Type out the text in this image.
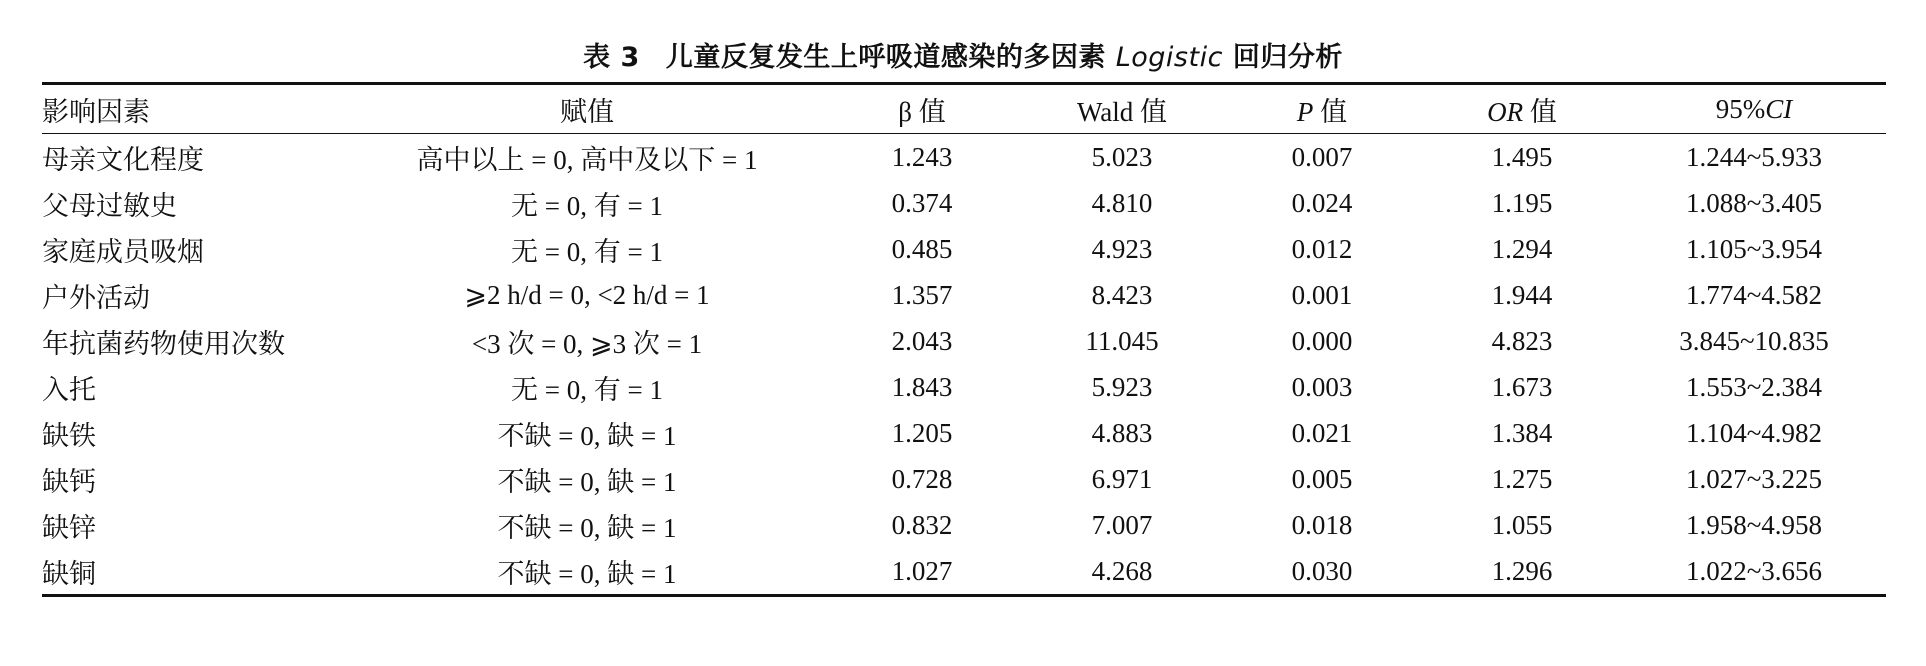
表 3 儿童反复发生上呼吸道感染的多因素 Logistic 回归分析
影响因素	赋值	β 值	Wald 值	P 值	OR 值	95%CI
母亲文化程度	高中以上 = 0, 高中及以下 = 1	1.243	5.023	0.007	1.495	1.244~5.933
父母过敏史	无 = 0, 有 = 1	0.374	4.810	0.024	1.195	1.088~3.405
家庭成员吸烟	无 = 0, 有 = 1	0.485	4.923	0.012	1.294	1.105~3.954
户外活动	⩾2 h/d = 0, <2 h/d = 1	1.357	8.423	0.001	1.944	1.774~4.582
年抗菌药物使用次数	<3 次 = 0, ⩾3 次 = 1	2.043	11.045	0.000	4.823	3.845~10.835
入托	无 = 0, 有 = 1	1.843	5.923	0.003	1.673	1.553~2.384
缺铁	不缺 = 0, 缺 = 1	1.205	4.883	0.021	1.384	1.104~4.982
缺钙	不缺 = 0, 缺 = 1	0.728	6.971	0.005	1.275	1.027~3.225
缺锌	不缺 = 0, 缺 = 1	0.832	7.007	0.018	1.055	1.958~4.958
缺铜	不缺 = 0, 缺 = 1	1.027	4.268	0.030	1.296	1.022~3.656
